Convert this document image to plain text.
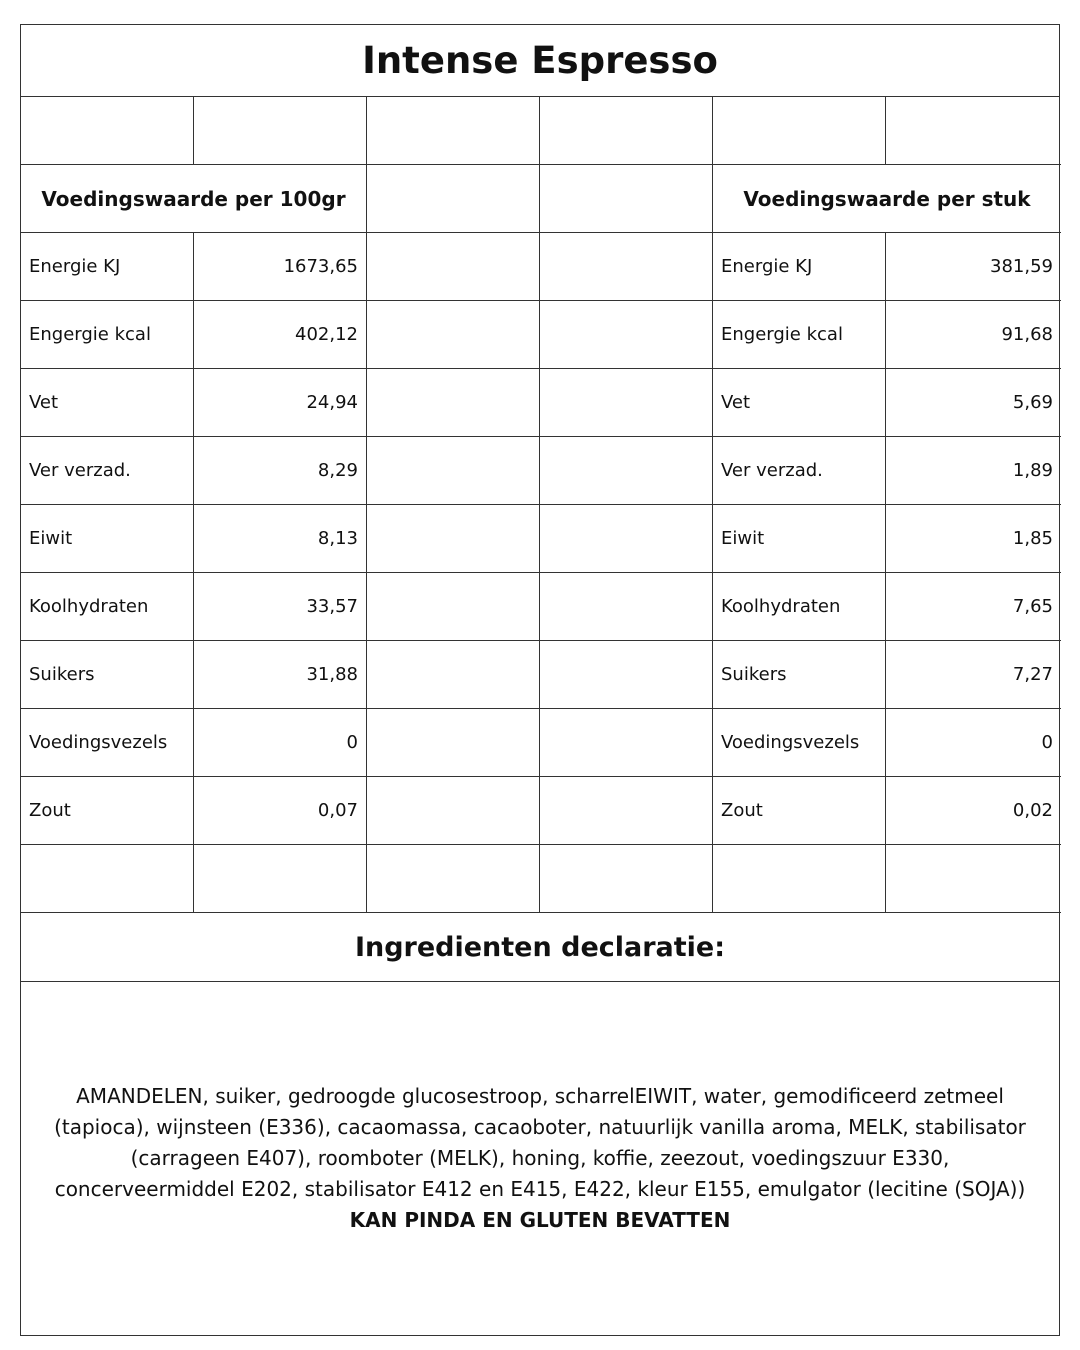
Intense Espresso
Voedingswaarde per 100gr	Voedingswaarde per stuk
Energie KJ	1673,65	Energie KJ	381,59
Engergie kcal	402,12	Engergie kcal	91,68
Vet	24,94	Vet	5,69
Ver verzad.	8,29	Ver verzad.	1,89
Eiwit	8,13	Eiwit	1,85
Koolhydraten	33,57	Koolhydraten	7,65
Suikers	31,88	Suikers	7,27
Voedingsvezels	0	Voedingsvezels	0
Zout	0,07	Zout	0,02
Ingredienten declaratie:
AMANDELEN, suiker, gedroogde glucosestroop, scharrelEIWIT, water, gemodificeerd zetmeel (tapioca), wijnsteen (E336), cacaomassa, cacaoboter, natuurlijk vanilla aroma, MELK, stabilisator (carrageen E407), roomboter (MELK), honing, koffie, zeezout, voedingszuur E330, concerveermiddel E202, stabilisator E412 en E415, E422, kleur E155, emulgator (lecitine (SOJA))
KAN PINDA EN GLUTEN BEVATTEN
